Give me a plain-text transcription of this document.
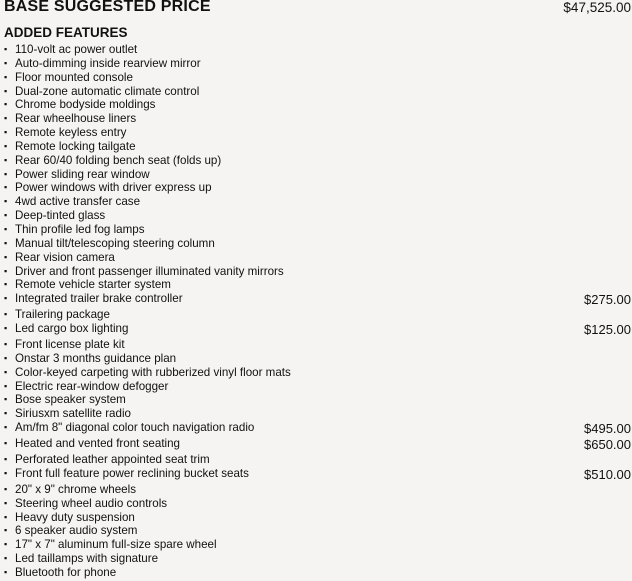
BASE SUGGESTED PRICE	$47,525.00
ADDED FEATURES
▪ 110-volt ac power outlet
▪ Auto-dimming inside rearview mirror
▪ Floor mounted console
▪ Dual-zone automatic climate control
▪ Chrome bodyside moldings
▪ Rear wheelhouse liners
▪ Remote keyless entry
▪ Remote locking tailgate
▪ Rear 60/40 folding bench seat (folds up)
▪ Power sliding rear window
▪ Power windows with driver express up
▪ 4wd active transfer case
▪ Deep-tinted glass
▪ Thin profile led fog lamps
▪ Manual tilt/telescoping steering column
▪ Rear vision camera
▪ Driver and front passenger illuminated vanity mirrors
▪ Remote vehicle starter system
▪ Integrated trailer brake controller	$275.00
▪ Trailering package
▪ Led cargo box lighting	$125.00
▪ Front license plate kit
▪ Onstar 3 months guidance plan
▪ Color-keyed carpeting with rubberized vinyl floor mats
▪ Electric rear-window defogger
▪ Bose speaker system
▪ Siriusxm satellite radio
▪ Am/fm 8" diagonal color touch navigation radio	$495.00
▪ Heated and vented front seating	$650.00
▪ Perforated leather appointed seat trim
▪ Front full feature power reclining bucket seats	$510.00
▪ 20" x 9" chrome wheels
▪ Steering wheel audio controls
▪ Heavy duty suspension
▪ 6 speaker audio system
▪ 17" x 7" aluminum full-size spare wheel
▪ Led taillamps with signature
▪ Bluetooth for phone
